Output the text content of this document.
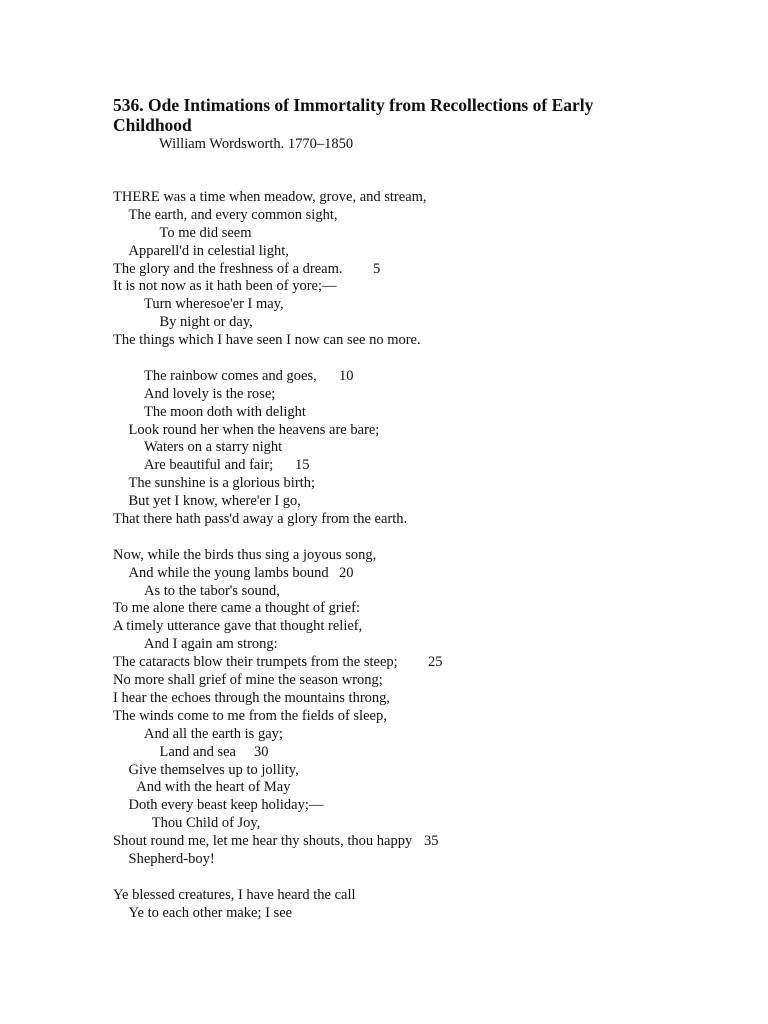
536. Ode Intimations of Immortality from Recollections of Early Childhood
William Wordsworth. 1770–1850
THERE was a time when meadow, grove, and stream,
The earth, and every common sight,
To me did seem
Apparell'd in celestial light,
The glory and the freshness of a dream. 5
It is not now as it hath been of yore;—
Turn wheresoe'er I may,
By night or day,
The things which I have seen I now can see no more.
The rainbow comes and goes, 10
And lovely is the rose;
The moon doth with delight
Look round her when the heavens are bare;
Waters on a starry night
Are beautiful and fair; 15
The sunshine is a glorious birth;
But yet I know, where'er I go,
That there hath pass'd away a glory from the earth.
Now, while the birds thus sing a joyous song,
And while the young lambs bound 20
As to the tabor's sound,
To me alone there came a thought of grief:
A timely utterance gave that thought relief,
And I again am strong:
The cataracts blow their trumpets from the steep; 25
No more shall grief of mine the season wrong;
I hear the echoes through the mountains throng,
The winds come to me from the fields of sleep,
And all the earth is gay;
Land and sea 30
Give themselves up to jollity,
And with the heart of May
Doth every beast keep holiday;—
Thou Child of Joy,
Shout round me, let me hear thy shouts, thou happy 35
Shepherd-boy!
Ye blessed creatures, I have heard the call
Ye to each other make; I see
